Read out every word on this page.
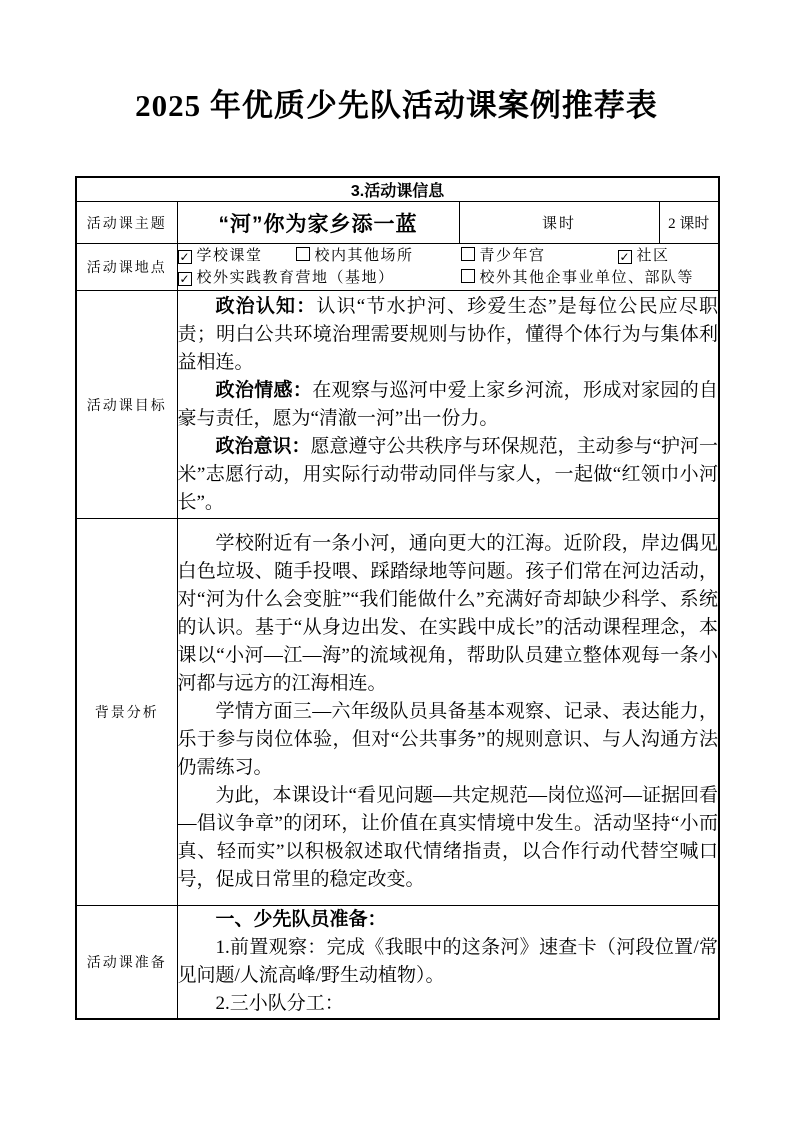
2025 年优质少先队活动课案例推荐表
3.活动课信息			
活动课主题	“河”你为家乡添一蓝	课时	2 课时
活动课地点	✓ 学校课堂 校内其他场所 青少年宫 ✓ 社区
✓ 校外实践教育营地（基地） 校外其他企事业单位、部队等		

活动课目标	政治认知：认识“节水护河、珍爱生态”是每位公民应尽职责；明白公共环境治理需要规则与协作，懂得个体行为与集体利益相连。

政治情感：在观察与巡河中爱上家乡河流，形成对家园的自豪与责任，愿为“清澈一河”出一份力。

政治意识：愿意遵守公共秩序与环保规范，主动参与“护河一米”志愿行动，用实际行动带动同伴与家人，一起做“红领巾小河长”。		

背景分析	学校附近有一条小河，通向更大的江海。近阶段，岸边偶见白色垃圾、随手投喂、踩踏绿地等问题。孩子们常在河边活动，对“河为什么会变脏”“我们能做什么”充满好奇却缺少科学、系统的认识。基于“从身边出发、在实践中成长”的活动课程理念，本课以“小河—江—海”的流域视角，帮助队员建立整体观每一条小河都与远方的江海相连。

学情方面三—六年级队员具备基本观察、记录、表达能力，乐于参与岗位体验，但对“公共事务”的规则意识、与人沟通方法仍需练习。

为此，本课设计“看见问题—共定规范—岗位巡河—证据回看—倡议争章”的闭环，让价值在真实情境中发生。活动坚持“小而真、轻而实”以积极叙述取代情绪指责，以合作行动代替空喊口号，促成日常里的稳定改变。		

活动课准备	一、少先队员准备：

1.前置观察：完成《我眼中的这条河》速查卡（河段位置/常见问题/人流高峰/野生动植物）。

2.三小队分工：		
